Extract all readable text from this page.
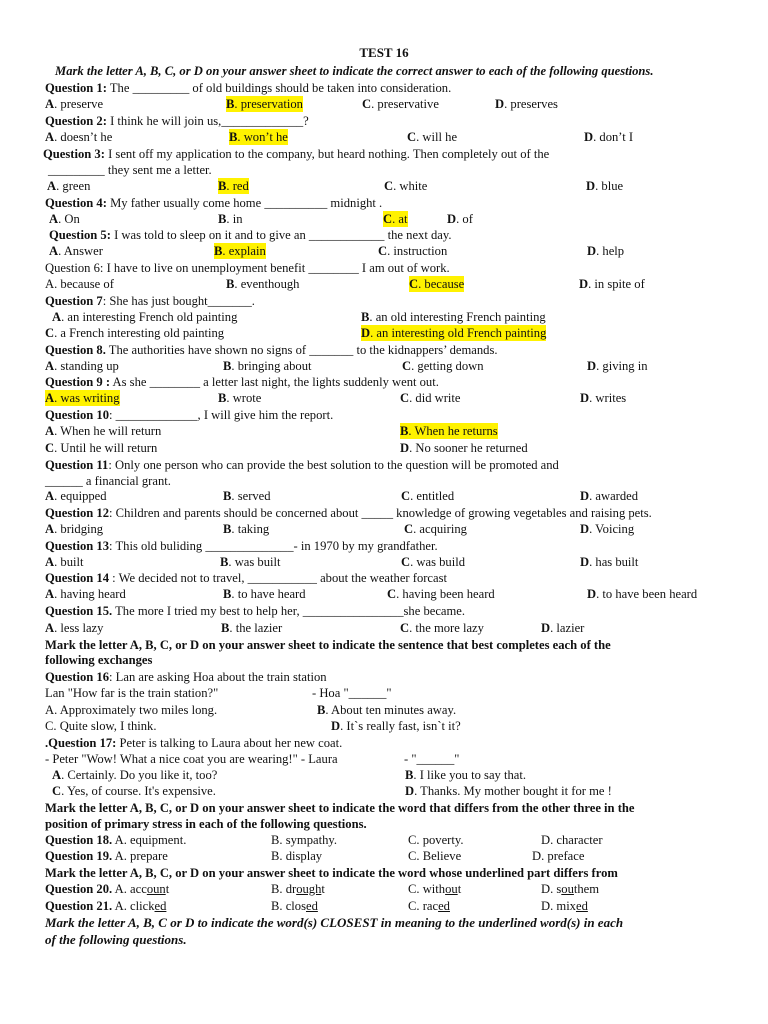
TEST 16
Mark the letter A, B, C, or D on your answer sheet to indicate the correct answer to each of the following questions.
Question 1: The _________ of old buildings should be taken into consideration.
A. preserve	B. preservation	C. preservative	D. preserves
Question 2: I think he will join us,_____________?
A. doesn’t he	B. won’t he	C. will he	D. don’t I
Question 3: I sent off my application to the company, but heard nothing. Then completely out of the
_________ they sent me a letter.
A. green	B. red	C. white	D. blue
Question 4: My father usually come home __________ midnight .
A. On	B. in	C. at	D. of
Question 5: I was told to sleep on it and to give an ____________ the next day.
A. Answer	B. explain	C. instruction	D. help
Question 6: I have to live on unemployment benefit ________ I am out of work.
A. because of	B. eventhough	C. because	D. in spite of
Question 7: She has just bought_______.
A. an interesting French old painting	B. an old interesting French painting
C. a French interesting old painting	D. an interesting old French painting
Question 8. The authorities have shown no signs of _______ to the kidnappers’ demands.
A. standing up	B. bringing about	C. getting down	D. giving in
Question 9 : As she ________ a letter last night, the lights suddenly went out.
A. was writing	B. wrote	C. did write	D. writes
Question 10: _____________, I will give him the report.
A. When he will return	B. When he returns
C. Until he will return	D. No sooner he returned
Question 11: Only one person who can provide the best solution to the question will be promoted and
______ a financial grant.
A. equipped	B. served	C. entitled	D. awarded
Question 12: Children and parents should be concerned about _____ knowledge of growing vegetables and raising pets.
A. bridging	B. taking	C. acquiring	D. Voicing
Question 13: This old buliding ______________- in 1970 by my grandfather.
A. built	B. was built	C. was build	D. has built
Question 14 : We decided not to travel, ___________ about the weather forcast
A. having heard	B. to have heard	C. having been heard	D. to have been heard
Question 15. The more I tried my best to help her, ________________she became.
A. less lazy	B. the lazier	C. the more lazy	D. lazier
Mark the letter A, B, C, or D on your answer sheet to indicate the sentence that best completes each of the
following exchanges
Question 16: Lan are asking Hoa about the train station
Lan "How far is the train station?"	- Hoa "______"
A. Approximately two miles long.	B. About ten minutes away.
C. Quite slow, I think.	D. It`s really fast, isn`t it?
.Question 17: Peter is talking to Laura about her new coat.
- Peter "Wow! What a nice coat you are wearing!" - Laura	- "______"
A. Certainly. Do you like it, too?	B. I like you to say that.
C. Yes, of course. It's expensive.	D. Thanks. My mother bought it for me !
Mark the letter A, B, C, or D on your answer sheet to indicate the word that differs from the other three in the
position of primary stress in each of the following questions.
Question 18. A. equipment.	B. sympathy.	C. poverty.	D. character
Question 19. A. prepare	B. display	C. Believe	D. preface
Mark the letter A, B, C, or D on your answer sheet to indicate the word whose underlined part differs from
Question 20. A. account	B. drought	C. without	D. southem
Question 21. A. clicked	B. closed	C. raced	D. mixed
Mark the letter A, B, C or D to indicate the word(s) CLOSEST in meaning to the underlined word(s) in each
of the following questions.
